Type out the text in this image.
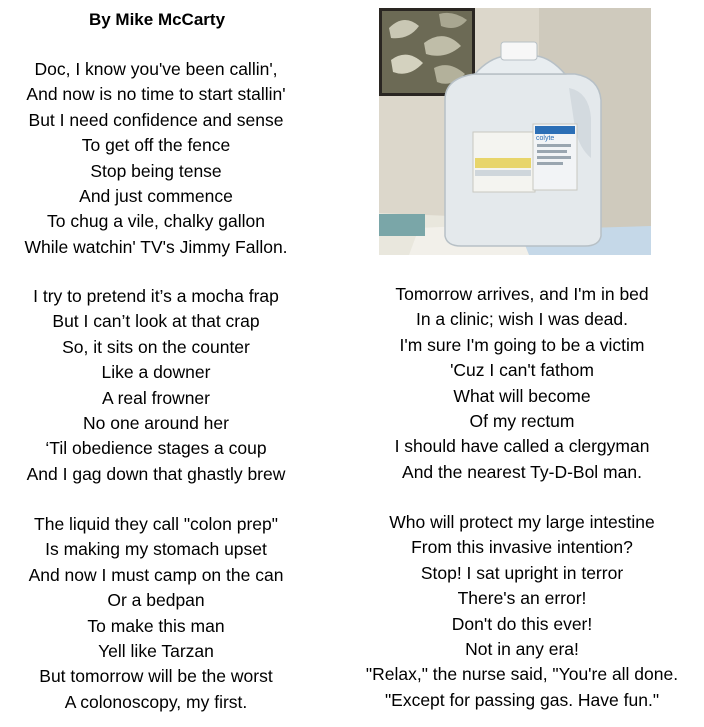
By Mike McCarty
Doc, I know you've been callin',
And now is no time to start stallin'
But I need confidence and sense
To get off the fence
Stop being tense
And just commence
To chug a vile, chalky gallon
While watchin' TV's Jimmy Fallon.
I try to pretend it’s a mocha frap
But I can’t look at that crap
So, it sits on the counter
Like a downer
A real frowner
No one around her
‘Til obedience stages a coup
And I gag down that ghastly brew
The liquid they call "colon prep"
Is making my stomach upset
And now I must camp on the can
Or a bedpan
To make this man
Yell like Tarzan
But tomorrow will be the worst
A colonoscopy, my first.
Tomorrow arrives, and I'm in bed
In a clinic; wish I was dead.
I'm sure I'm going to be a victim
'Cuz I can't fathom
What will become
Of my rectum
I should have called a clergyman
And the nearest Ty-D-Bol man.
Who will protect my large intestine
From this invasive intention?
Stop! I sat upright in terror
There's an error!
Don't do this ever!
Not in any era!
"Relax," the nurse said, "You're all done.
"Except for passing gas. Have fun."
colyte
